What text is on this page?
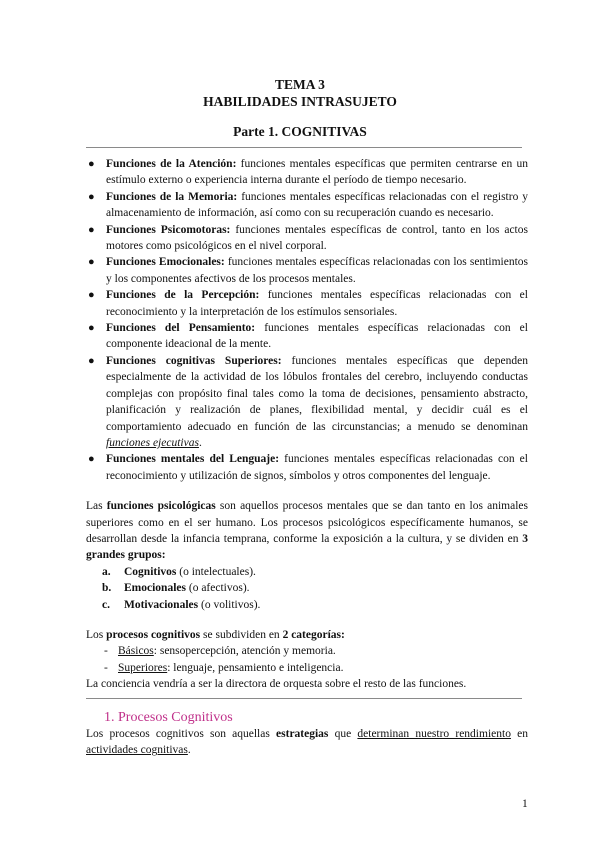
TEMA 3
HABILIDADES INTRASUJETO
Parte 1. COGNITIVAS
● Funciones de la Atención: funciones mentales específicas que permiten centrarse en un estímulo externo o experiencia interna durante el período de tiempo necesario.
● Funciones de la Memoria: funciones mentales específicas relacionadas con el registro y almacenamiento de información, así como con su recuperación cuando es necesario.
● Funciones Psicomotoras: funciones mentales específicas de control, tanto en los actos motores como psicológicos en el nivel corporal.
● Funciones Emocionales: funciones mentales específicas relacionadas con los sentimientos y los componentes afectivos de los procesos mentales.
● Funciones de la Percepción: funciones mentales específicas relacionadas con el reconocimiento y la interpretación de los estímulos sensoriales.
● Funciones del Pensamiento: funciones mentales específicas relacionadas con el componente ideacional de la mente.
● Funciones cognitivas Superiores: funciones mentales específicas que dependen especialmente de la actividad de los lóbulos frontales del cerebro, incluyendo conductas complejas con propósito final tales como la toma de decisiones, pensamiento abstracto, planificación y realización de planes, flexibilidad mental, y decidir cuál es el comportamiento adecuado en función de las circunstancias; a menudo se denominan funciones ejecutivas.
● Funciones mentales del Lenguaje: funciones mentales específicas relacionadas con el reconocimiento y utilización de signos, símbolos y otros componentes del lenguaje.
Las funciones psicológicas son aquellos procesos mentales que se dan tanto en los animales superiores como en el ser humano. Los procesos psicológicos específicamente humanos, se desarrollan desde la infancia temprana, conforme la exposición a la cultura, y se dividen en 3 grandes grupos:
a. Cognitivos (o intelectuales).
b. Emocionales (o afectivos).
c. Motivacionales (o volitivos).
Los procesos cognitivos se subdividen en 2 categorías:
- Básicos: sensopercepción, atención y memoria.
- Superiores: lenguaje, pensamiento e inteligencia.
La conciencia vendría a ser la directora de orquesta sobre el resto de las funciones.
1. Procesos Cognitivos
Los procesos cognitivos son aquellas estrategias que determinan nuestro rendimiento en actividades cognitivas.
1
